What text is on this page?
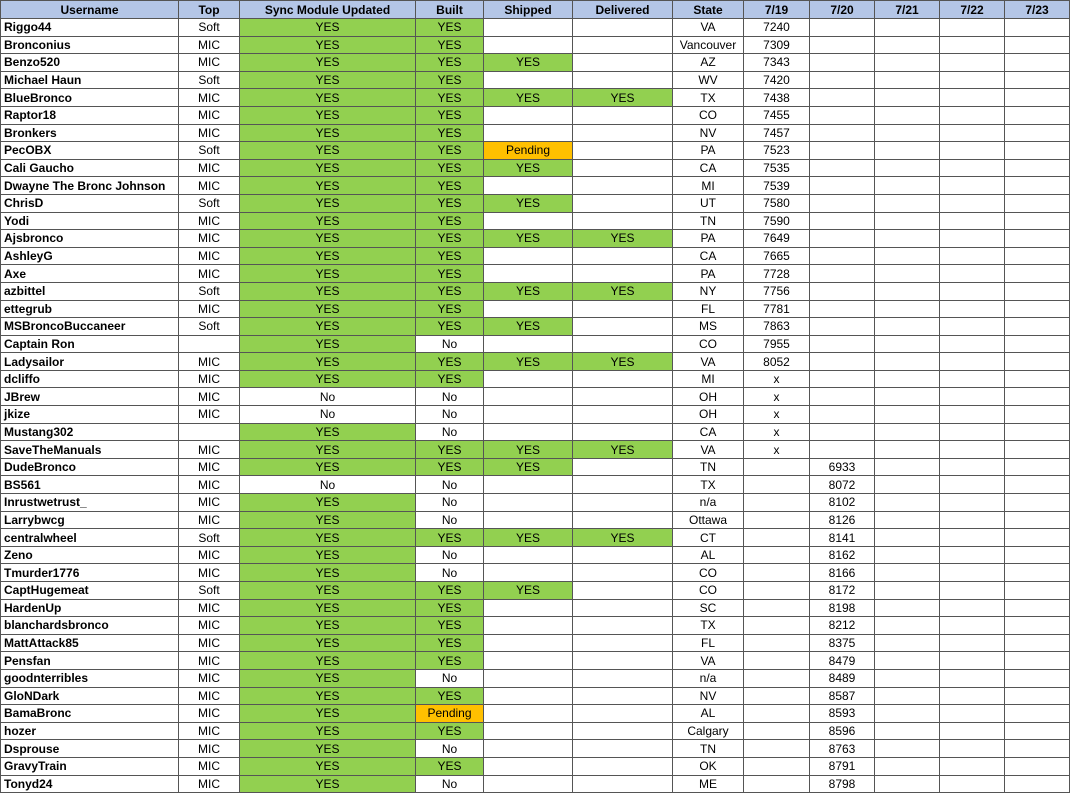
Username	Top	Sync Module Updated	Built	Shipped	Delivered	State	7/19	7/20	7/21	7/22	7/23
Riggo44	Soft	YES	YES			VA	7240				
Bronconius	MIC	YES	YES			Vancouver	7309				
Benzo520	MIC	YES	YES	YES		AZ	7343				
Michael Haun	Soft	YES	YES			WV	7420				
BlueBronco	MIC	YES	YES	YES	YES	TX	7438				
Raptor18	MIC	YES	YES			CO	7455				
Bronkers	MIC	YES	YES			NV	7457				
PecOBX	Soft	YES	YES	Pending		PA	7523				
Cali Gaucho	MIC	YES	YES	YES		CA	7535				
Dwayne The Bronc Johnson	MIC	YES	YES			MI	7539				
ChrisD	Soft	YES	YES	YES		UT	7580				
Yodi	MIC	YES	YES			TN	7590				
Ajsbronco	MIC	YES	YES	YES	YES	PA	7649				
AshleyG	MIC	YES	YES			CA	7665				
Axe	MIC	YES	YES			PA	7728				
azbittel	Soft	YES	YES	YES	YES	NY	7756				
ettegrub	MIC	YES	YES			FL	7781				
MSBroncoBuccaneer	Soft	YES	YES	YES		MS	7863				
Captain Ron		YES	No			CO	7955				
Ladysailor	MIC	YES	YES	YES	YES	VA	8052				
dcliffo	MIC	YES	YES			MI	x				
JBrew	MIC	No	No			OH	x				
jkize	MIC	No	No			OH	x				
Mustang302		YES	No			CA	x				
SaveTheManuals	MIC	YES	YES	YES	YES	VA	x				
DudeBronco	MIC	YES	YES	YES		TN		6933			
BS561	MIC	No	No			TX		8072			
Inrustwetrust_	MIC	YES	No			n/a		8102			
Larrybwcg	MIC	YES	No			Ottawa		8126			
centralwheel	Soft	YES	YES	YES	YES	CT		8141			
Zeno	MIC	YES	No			AL		8162			
Tmurder1776	MIC	YES	No			CO		8166			
CaptHugemeat	Soft	YES	YES	YES		CO		8172			
HardenUp	MIC	YES	YES			SC		8198			
blanchardsbronco	MIC	YES	YES			TX		8212			
MattAttack85	MIC	YES	YES			FL		8375			
Pensfan	MIC	YES	YES			VA		8479			
goodnterribles	MIC	YES	No			n/a		8489			
GloNDark	MIC	YES	YES			NV		8587			
BamaBronc	MIC	YES	Pending			AL		8593			
hozer	MIC	YES	YES			Calgary		8596			
Dsprouse	MIC	YES	No			TN		8763			
GravyTrain	MIC	YES	YES			OK		8791			
Tonyd24	MIC	YES	No			ME		8798			
